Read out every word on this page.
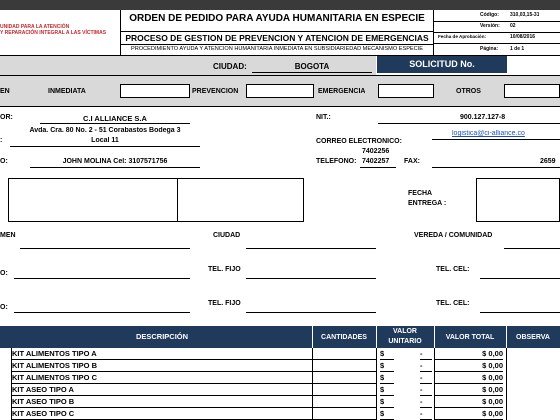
UNIDAD PARA LA ATENCIÓN
Y REPARACIÓN INTEGRAL A LAS VÍCTIMAS
ORDEN DE PEDIDO PARA AYUDA HUMANITARIA EN ESPECIE
PROCESO DE GESTION DE PREVENCION Y ATENCION DE EMERGENCIAS
PROCEDIMIENTO AYUDA Y ATENCIÓN HUMANITARIA INMEDIATA EN SUBSIDIARIEDAD MECANISMO ESPECIE
Código: 310,03,15-31
Versión: 02
Fecha de Aprobación:	10/08/2016
Página: 1 de 1
CIUDAD:	BOGOTA	SOLICITUD No.
EN	INMEDIATA	PREVENCION	EMERGENCIA	OTROS
OR:	C.I ALLIANCE S.A	NIT.:	900.127.127-8
:
Avda. Cra. 80 No. 2 - 51 Corabastos Bodega 3
Local 11	CORREO ELECTRÓNICO:
logistica@ci-alliance.co
7402256
O:	JOHN MOLINA Cel: 3107571756	TELÉFONO: 7402257 FAX:	2659
FECHA
ENTREGA :
MEN	CIUDAD	VEREDA / COMUNIDAD
O:
TEL. FIJO	TEL. CEL:
O:
TEL. FIJO	TEL. CEL:
DESCRIPCIÓN	CANTIDADES
VALOR
UNITARIO
VALOR TOTAL	OBSERVA
KIT ALIMENTOS TIPO A	$	-	$ 0,00
KIT ALIMENTOS TIPO B	$	-	$ 0,00
KIT ALIMENTOS TIPO C	$	-	$ 0,00
KIT ASEO TIPO A	$	-	$ 0,00
KIT ASEO TIPO B	$	-	$ 0,00
KIT ASEO TIPO C	$	-	$ 0,00
